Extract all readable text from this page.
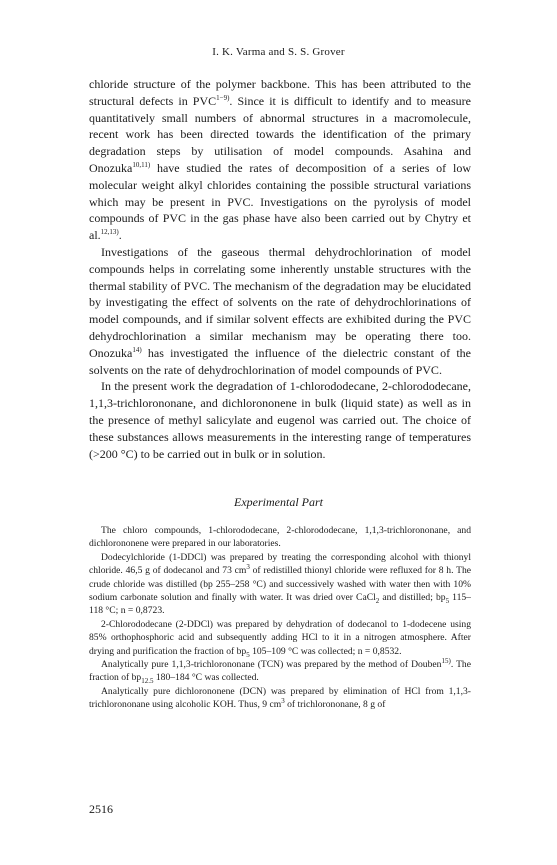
I. K. Varma and S. S. Grover

chloride structure of the polymer backbone. This has been attributed to the structural defects in $PVC^{1-9)}$. Since it is difficult to identify and to measure quantitatively small numbers of abnormal structures in a macromolecule, recent work has been directed towards the identification of the primary degradation steps by utilisation of model compounds. Asahina and Onozuka$^{10,11)}$ have studied the rates of decomposition of a series of low molecular weight alkyl chlorides containing the possible structural variations which may be present in PVC. Investigations on the pyrolysis of model compounds of PVC in the gas phase have also been carried out by Chytry et al.$^{12,13)}$.

Investigations of the gaseous thermal dehydrochlorination of model compounds helps in correlating some inherently unstable structures with the thermal stability of PVC. The mechanism of the degradation may be elucidated by investigating the effect of solvents on the rate of dehydrochlorinations of model compounds, and if similar solvent effects are exhibited during the PVC dehydrochlorination a similar mechanism may be operating there too. Onozuka$^{14)}$ has investigated the influence of the dielectric constant of the solvents on the rate of dehydrochlorination of model compounds of PVC.

In the present work the degradation of 1-chlorododecane, 2-chlorododecane, 1,1,3-trichlorononane, and dichlorononene in bulk (liquid state) as well as in the presence of methyl salicylate and eugenol was carried out. The choice of these substances allows measurements in the interesting range of temperatures (>200 °C) to be carried out in bulk or in solution.

Experimental Part

The chloro compounds, 1-chlorododecane, 2-chlorododecane, 1,1,3-trichlorononane, and dichlorononene were prepared in our laboratories.

Dodecylchloride (1-DDCl) was prepared by treating the corresponding alcohol with thionyl chloride. 46,5 g of dodecanol and 73 $cm^3$ of redistilled thionyl chloride were refluxed for 8 h. The crude chloride was distilled (bp 255–258 °C) and successively washed with water then with 10% sodium carbonate solution and finally with water. It was dried over CaCl$_2$ and distilled; $bp_5$ 115–118 °C; n = 0,8723.

2-Chlorododecane (2-DDCl) was prepared by dehydration of dodecanol to 1-dodecene using 85% orthophosphoric acid and subsequently adding HCl to it in a nitrogen atmosphere. After drying and purification the fraction of $bp_5$ 105–109 °C was collected; n = 0,8532.

Analytically pure 1,1,3-trichlorononane (TCN) was prepared by the method of Douben$^{15)}$. The fraction of $bp_{12.5}$ 180–184 °C was collected.

Analytically pure dichlorononene (DCN) was prepared by elimination of HCl from 1,1,3-trichlorononane using alcoholic KOH. Thus, 9 $cm^3$ of trichlorononane, 8 g of

2516
